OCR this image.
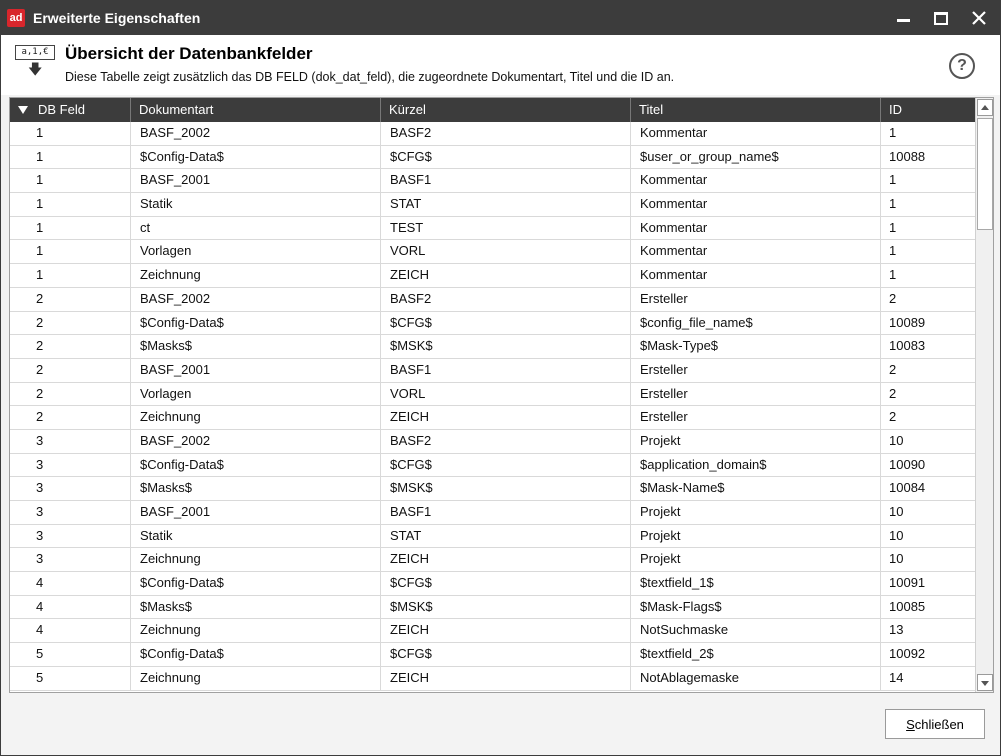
ad Erweiterte Eigenschaften
a,1,€
🡇
Übersicht der Datenbankfelder
Diese Tabelle zeigt zusätzlich das DB FELD (dok_dat_feld), die zugeordnete Dokumentart, Titel und die ID an.
?
DB Feld	Dokumentart	Kürzel	Titel	ID
1	BASF_2002	BASF2	Kommentar	1
1	$Config-Data$	$CFG$	$user_or_group_name$	10088
1	BASF_2001	BASF1	Kommentar	1
1	Statik	STAT	Kommentar	1
1	ct	TEST	Kommentar	1
1	Vorlagen	VORL	Kommentar	1
1	Zeichnung	ZEICH	Kommentar	1
2	BASF_2002	BASF2	Ersteller	2
2	$Config-Data$	$CFG$	$config_file_name$	10089
2	$Masks$	$MSK$	$Mask-Type$	10083
2	BASF_2001	BASF1	Ersteller	2
2	Vorlagen	VORL	Ersteller	2
2	Zeichnung	ZEICH	Ersteller	2
3	BASF_2002	BASF2	Projekt	10
3	$Config-Data$	$CFG$	$application_domain$	10090
3	$Masks$	$MSK$	$Mask-Name$	10084
3	BASF_2001	BASF1	Projekt	10
3	Statik	STAT	Projekt	10
3	Zeichnung	ZEICH	Projekt	10
4	$Config-Data$	$CFG$	$textfield_1$	10091
4	$Masks$	$MSK$	$Mask-Flags$	10085
4	Zeichnung	ZEICH	NotSuchmaske	13
5	$Config-Data$	$CFG$	$textfield_2$	10092
5	Zeichnung	ZEICH	NotAblagemaske	14
Schließen
